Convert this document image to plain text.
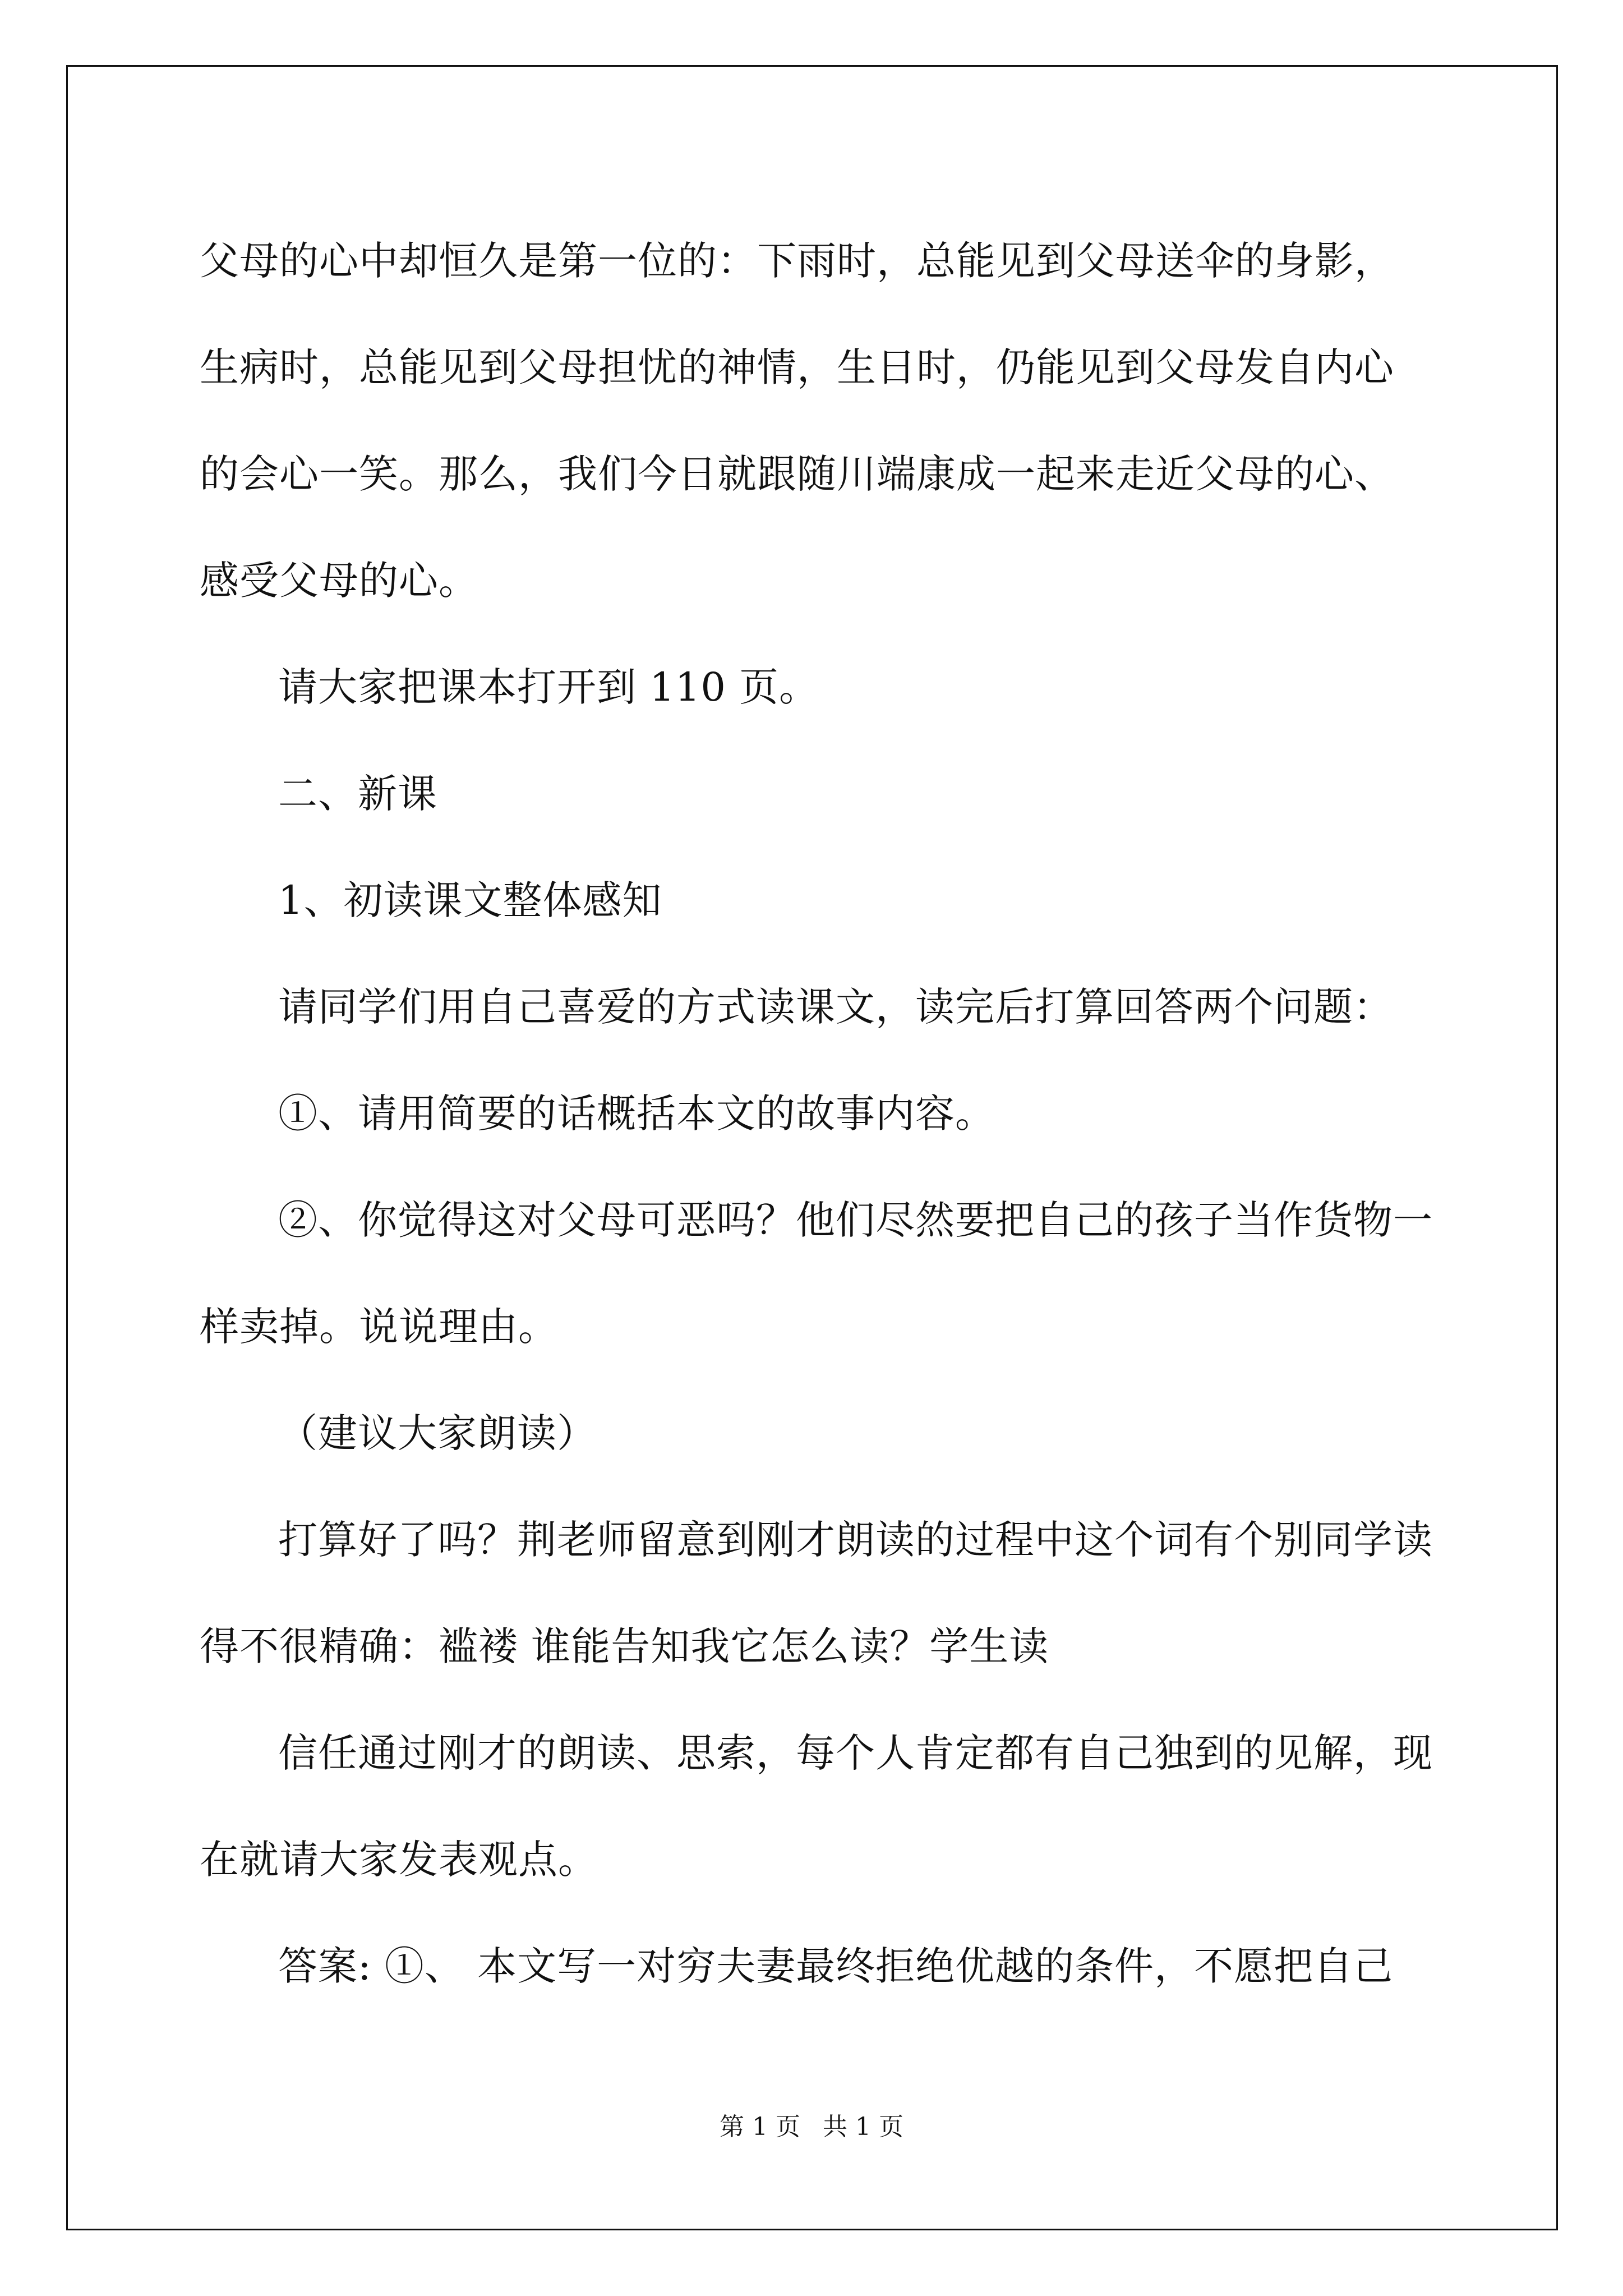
父母的心中却恒久是第一位的：下雨时，总能见到父母送伞的身影，生病时，总能见到父母担忧的神情，生日时，仍能见到父母发自内心的会心一笑。那么，我们今日就跟随川端康成一起来走近父母的心、感受父母的心。

请大家把课本打开到 110 页。

二、新课

1、初读课文整体感知

请同学们用自己喜爱的方式读课文，读完后打算回答两个问题：

①、请用简要的话概括本文的故事内容。

②、你觉得这对父母可恶吗？他们尽然要把自己的孩子当作货物一样卖掉。说说理由。

（建议大家朗读）

打算好了吗？荆老师留意到刚才朗读的过程中这个词有个别同学读得不很精确：褴褛 谁能告知我它怎么读？学生读

信任通过刚才的朗读、思索，每个人肯定都有自己独到的见解，现在就请大家发表观点。

答案: ①、 本文写一对穷夫妻最终拒绝优越的条件，不愿把自己

第 1 页 共 1 页
